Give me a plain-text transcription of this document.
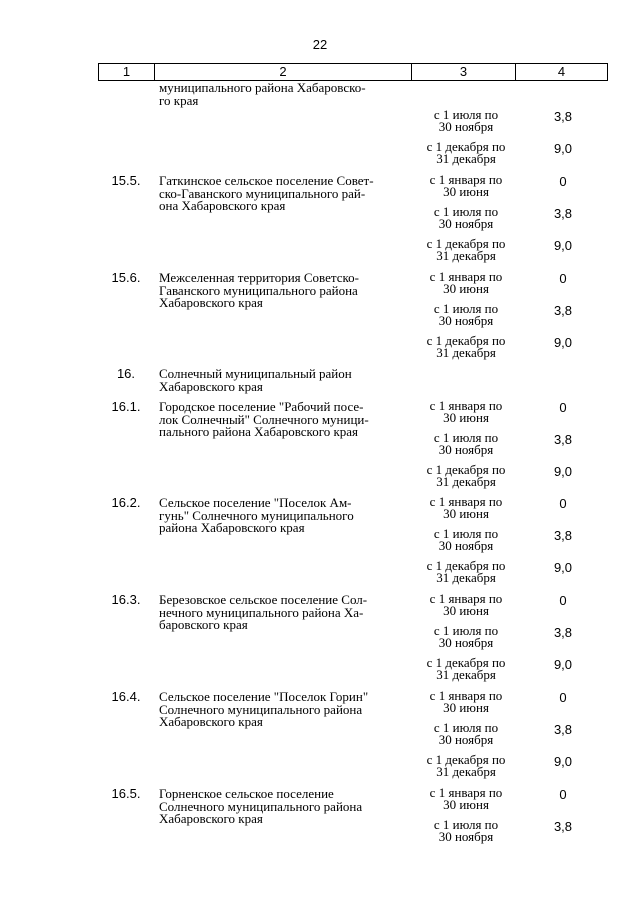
22
1	2	3	4
муниципального района Хабаровско-
го края
с 1 июля по
30 ноября
3,8
с 1 декабря по
31 декабря
9,0
15.5.	Гаткинское сельское поселение Совет-
ско-Гаванского муниципального рай-
она Хабаровского края
с 1 января по
30 июня
0
с 1 июля по
30 ноября
3,8
с 1 декабря по
31 декабря
9,0
15.6.	Межселенная территория Советско-
Гаванского муниципального района
Хабаровского края
с 1 января по
30 июня
0
с 1 июля по
30 ноября
3,8
с 1 декабря по
31 декабря
9,0
16.	Солнечный муниципальный район
Хабаровского края
16.1.	Городское поселение "Рабочий посе-
лок Солнечный" Солнечного муници-
пального района Хабаровского края
с 1 января по
30 июня
0
с 1 июля по
30 ноября
3,8
с 1 декабря по
31 декабря
9,0
16.2.	Сельское поселение "Поселок Ам-
гунь" Солнечного муниципального
района Хабаровского края
с 1 января по
30 июня
0
с 1 июля по
30 ноября
3,8
с 1 декабря по
31 декабря
9,0
16.3.	Березовское сельское поселение Сол-
нечного муниципального района Ха-
баровского края
с 1 января по
30 июня
0
с 1 июля по
30 ноября
3,8
с 1 декабря по
31 декабря
9,0
16.4.	Сельское поселение "Поселок Горин"
Солнечного муниципального района
Хабаровского края
с 1 января по
30 июня
0
с 1 июля по
30 ноября
3,8
с 1 декабря по
31 декабря
9,0
16.5.	Горненское сельское поселение
Солнечного муниципального района
Хабаровского края
с 1 января по
30 июня
0
с 1 июля по
30 ноября
3,8
